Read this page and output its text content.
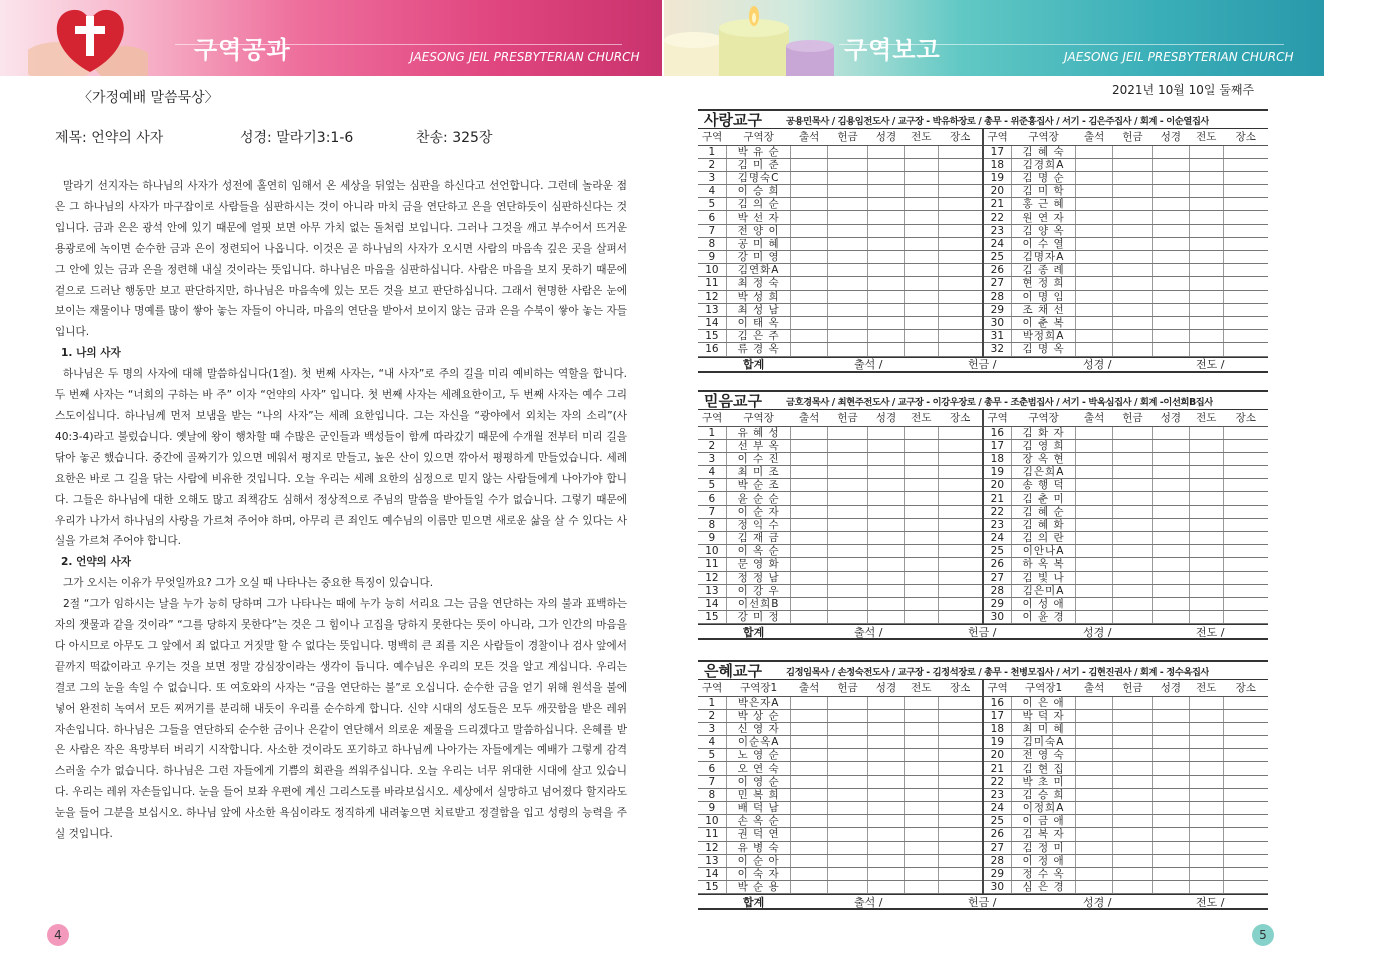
구역공과	JAESONG JEIL PRESBYTERIAN CHURCH	구역보고	JAESONG JEIL PRESBYTERIAN CHURCH
〈가정예배 말씀묵상〉
제목: 언약의 사자	성경: 말라기3:1-6	찬송: 325장

말라기 선지자는 하나님의 사자가 성전에 홀연히 임해서 온 세상을 뒤엎는 심판을 하신다고 선언합니다. 그런데 놀라운 점은 그 하나님의 사자가 마구잡이로 사람들을 심판하시는 것이 아니라 마치 금을 연단하고 은을 연단하듯이 심판하신다는 것입니다. 금과 은은 광석 안에 있기 때문에 얼핏 보면 아무 가치 없는 돌처럼 보입니다. 그러나 그것을 깨고 부수어서 뜨거운 용광로에 녹이면 순수한 금과 은이 정련되어 나옵니다. 이것은 곧 하나님의 사자가 오시면 사람의 마음속 깊은 곳을 살펴서 그 안에 있는 금과 은을 정련해 내실 것이라는 뜻입니다. 하나님은 마음을 심판하십니다. 사람은 마음을 보지 못하기 때문에 겉으로 드러난 행동만 보고 판단하지만, 하나님은 마음속에 있는 모든 것을 보고 판단하십니다. 그래서 현명한 사람은 눈에 보이는 재물이나 명예를 많이 쌓아 놓는 자들이 아니라, 마음의 연단을 받아서 보이지 않는 금과 은을 수북이 쌓아 놓는 자들입니다.

1. 나의 사자

하나님은 두 명의 사자에 대해 말씀하십니다(1절). 첫 번째 사자는, “내 사자”로 주의 길을 미리 예비하는 역할을 합니다. 두 번째 사자는 “너희의 구하는 바 주” 이자 “언약의 사자” 입니다. 첫 번째 사자는 세례요한이고, 두 번째 사자는 예수 그리스도이십니다. 하나님께 먼저 보냄을 받는 “나의 사자”는 세례 요한입니다. 그는 자신을 “광야에서 외치는 자의 소리”(사40:3-4)라고 불렀습니다. 옛날에 왕이 행차할 때 수많은 군인들과 백성들이 함께 따라갔기 때문에 수개월 전부터 미리 길을 닦아 놓곤 했습니다. 중간에 골짜기가 있으면 메워서 평지로 만들고, 높은 산이 있으면 깎아서 평평하게 만들었습니다. 세례 요한은 바로 그 길을 닦는 사람에 비유한 것입니다. 오늘 우리는 세례 요한의 심정으로 믿지 않는 사람들에게 나아가야 합니다. 그들은 하나님에 대한 오해도 많고 죄책감도 심해서 정상적으로 주님의 말씀을 받아들일 수가 없습니다. 그렇기 때문에 우리가 나가서 하나님의 사랑을 가르쳐 주어야 하며, 아무리 큰 죄인도 예수님의 이름만 믿으면 새로운 삶을 살 수 있다는 사실을 가르쳐 주어야 합니다.

2. 언약의 사자

그가 오시는 이유가 무엇일까요? 그가 오실 때 나타나는 중요한 특징이 있습니다.

2절 “그가 임하시는 날을 누가 능히 당하며 그가 나타나는 때에 누가 능히 서리요 그는 금을 연단하는 자의 불과 표백하는 자의 잿물과 같을 것이라” “그를 당하지 못한다”는 것은 그 힘이나 고집을 당하지 못한다는 뜻이 아니라, 그가 인간의 마음을 다 아시므로 아무도 그 앞에서 죄 없다고 거짓말 할 수 없다는 뜻입니다. 명백히 큰 죄를 지은 사람들이 경찰이나 검사 앞에서 끝까지 떡값이라고 우기는 것을 보면 정말 강심장이라는 생각이 듭니다. 예수님은 우리의 모든 것을 알고 계십니다. 우리는 결코 그의 눈을 속일 수 없습니다. 또 여호와의 사자는 “금을 연단하는 불”로 오십니다. 순수한 금을 얻기 위해 원석을 불에 넣어 완전히 녹여서 모든 찌꺼기를 분리해 내듯이 우리를 순수하게 합니다. 신약 시대의 성도들은 모두 깨끗함을 받은 레위 자손입니다. 하나님은 그들을 연단하되 순수한 금이나 은같이 연단해서 의로운 제물을 드리겠다고 말씀하십니다. 은혜를 받은 사람은 작은 욕망부터 버리기 시작합니다. 사소한 것이라도 포기하고 하나님께 나아가는 자들에게는 예배가 그렇게 감격스러울 수가 없습니다. 하나님은 그런 자들에게 기쁨의 회관을 씌워주십니다. 오늘 우리는 너무 위대한 시대에 살고 있습니다. 우리는 레위 자손들입니다. 눈을 들어 보좌 우편에 계신 그리스도를 바라보십시오. 세상에서 실망하고 넘어졌다 할지라도 눈을 들어 그분을 보십시오. 하나님 앞에 사소한 욕심이라도 정직하게 내려놓으면 치료받고 정결함을 입고 성령의 능력을 주실 것입니다.

4	5
2021년 10월 10일 둘째주
사랑교구	공용민목사 / 김용임전도사 / 교구장 - 박유하장로 / 총무 - 위준홍집사 / 서기 - 김은주집사 / 회계 - 이순열집사
구역	구역장	출석	헌금	성경	전도	장소	구역	구역장	출석	헌금	성경	전도	장소
1	박 유 순						17	김 혜 숙					
2	김 미 준						18	김경희A					
3	김명숙C						19	김 명 순					
4	이 승 희						20	김 미 학					
5	김 의 순						21	홍 근 혜					
6	박 선 자						22	원 연 자					
7	전 양 이						23	김 양 옥					
8	공 미 혜						24	이 수 열					
9	강 미 영						25	김명자A					
10	김연화A						26	김 종 례					
11	최 정 숙						27	현 정 희					
12	박 성 희						28	이 명 임					
13	최 성 남						29	조 채 선					
14	이 태 옥						30	이 춘 복					
15	김 은 주						31	박정희A					
16	류 경 옥						32	김 명 옥					
합계	출석 /	헌금 /	성경 /	전도 /
믿음교구	금호경목사 / 최현주전도사 / 교구장 - 이강우장로 / 총무 - 조춘범집사 / 서기 - 박옥심집사 / 회계 -이선희B집사
구역	구역장	출석	헌금	성경	전도	장소	구역	구역장	출석	헌금	성경	전도	장소
1	유 혜 성						16	김 화 자					
2	선 부 옥						17	김 영 희					
3	이 수 진						18	장 옥 현					
4	최 미 조						19	김은희A					
5	박 순 조						20	송 행 덕					
6	윤 순 순						21	김 춘 미					
7	이 순 자						22	김 혜 순					
8	정 익 수						23	김 혜 화					
9	김 재 금						24	김 의 란					
10	이 옥 순						25	이안나A					
11	문 영 화						26	하 옥 복					
12	정 정 남						27	김 빛 나					
13	이 강 우						28	김은미A					
14	이선희B						29	이 성 애					
15	강 미 정						30	이 윤 경					
합계	출석 /	헌금 /	성경 /	전도 /
은혜교구	김정임목사 / 손정숙전도사 / 교구장 - 김정석장로 / 총무 - 천병모집사 / 서기 - 김현진권사 / 회계 - 정수옥집사
구역	구역장1	출석	헌금	성경	전도	장소	구역	구역장1	출석	헌금	성경	전도	장소
1	박은자A						16	이 은 애					
2	박 상 순						17	박 덕 자					
3	신 영 자						18	최 미 혜					
4	이순옥A						19	김미숙A					
5	노 영 순						20	전 영 숙					
6	오 연 숙						21	김 현 집					
7	이 영 순						22	박 초 미					
8	민 복 희						23	김 승 희					
9	배 덕 남						24	이정희A					
10	손 옥 순						25	이 금 애					
11	권 덕 연						26	김 복 자					
12	유 병 숙						27	김 정 미					
13	이 순 아						28	이 정 애					
14	이 숙 자						29	정 수 옥					
15	박 순 용						30	심 은 경					
합계	출석 /	헌금 /	성경 /	전도 /
